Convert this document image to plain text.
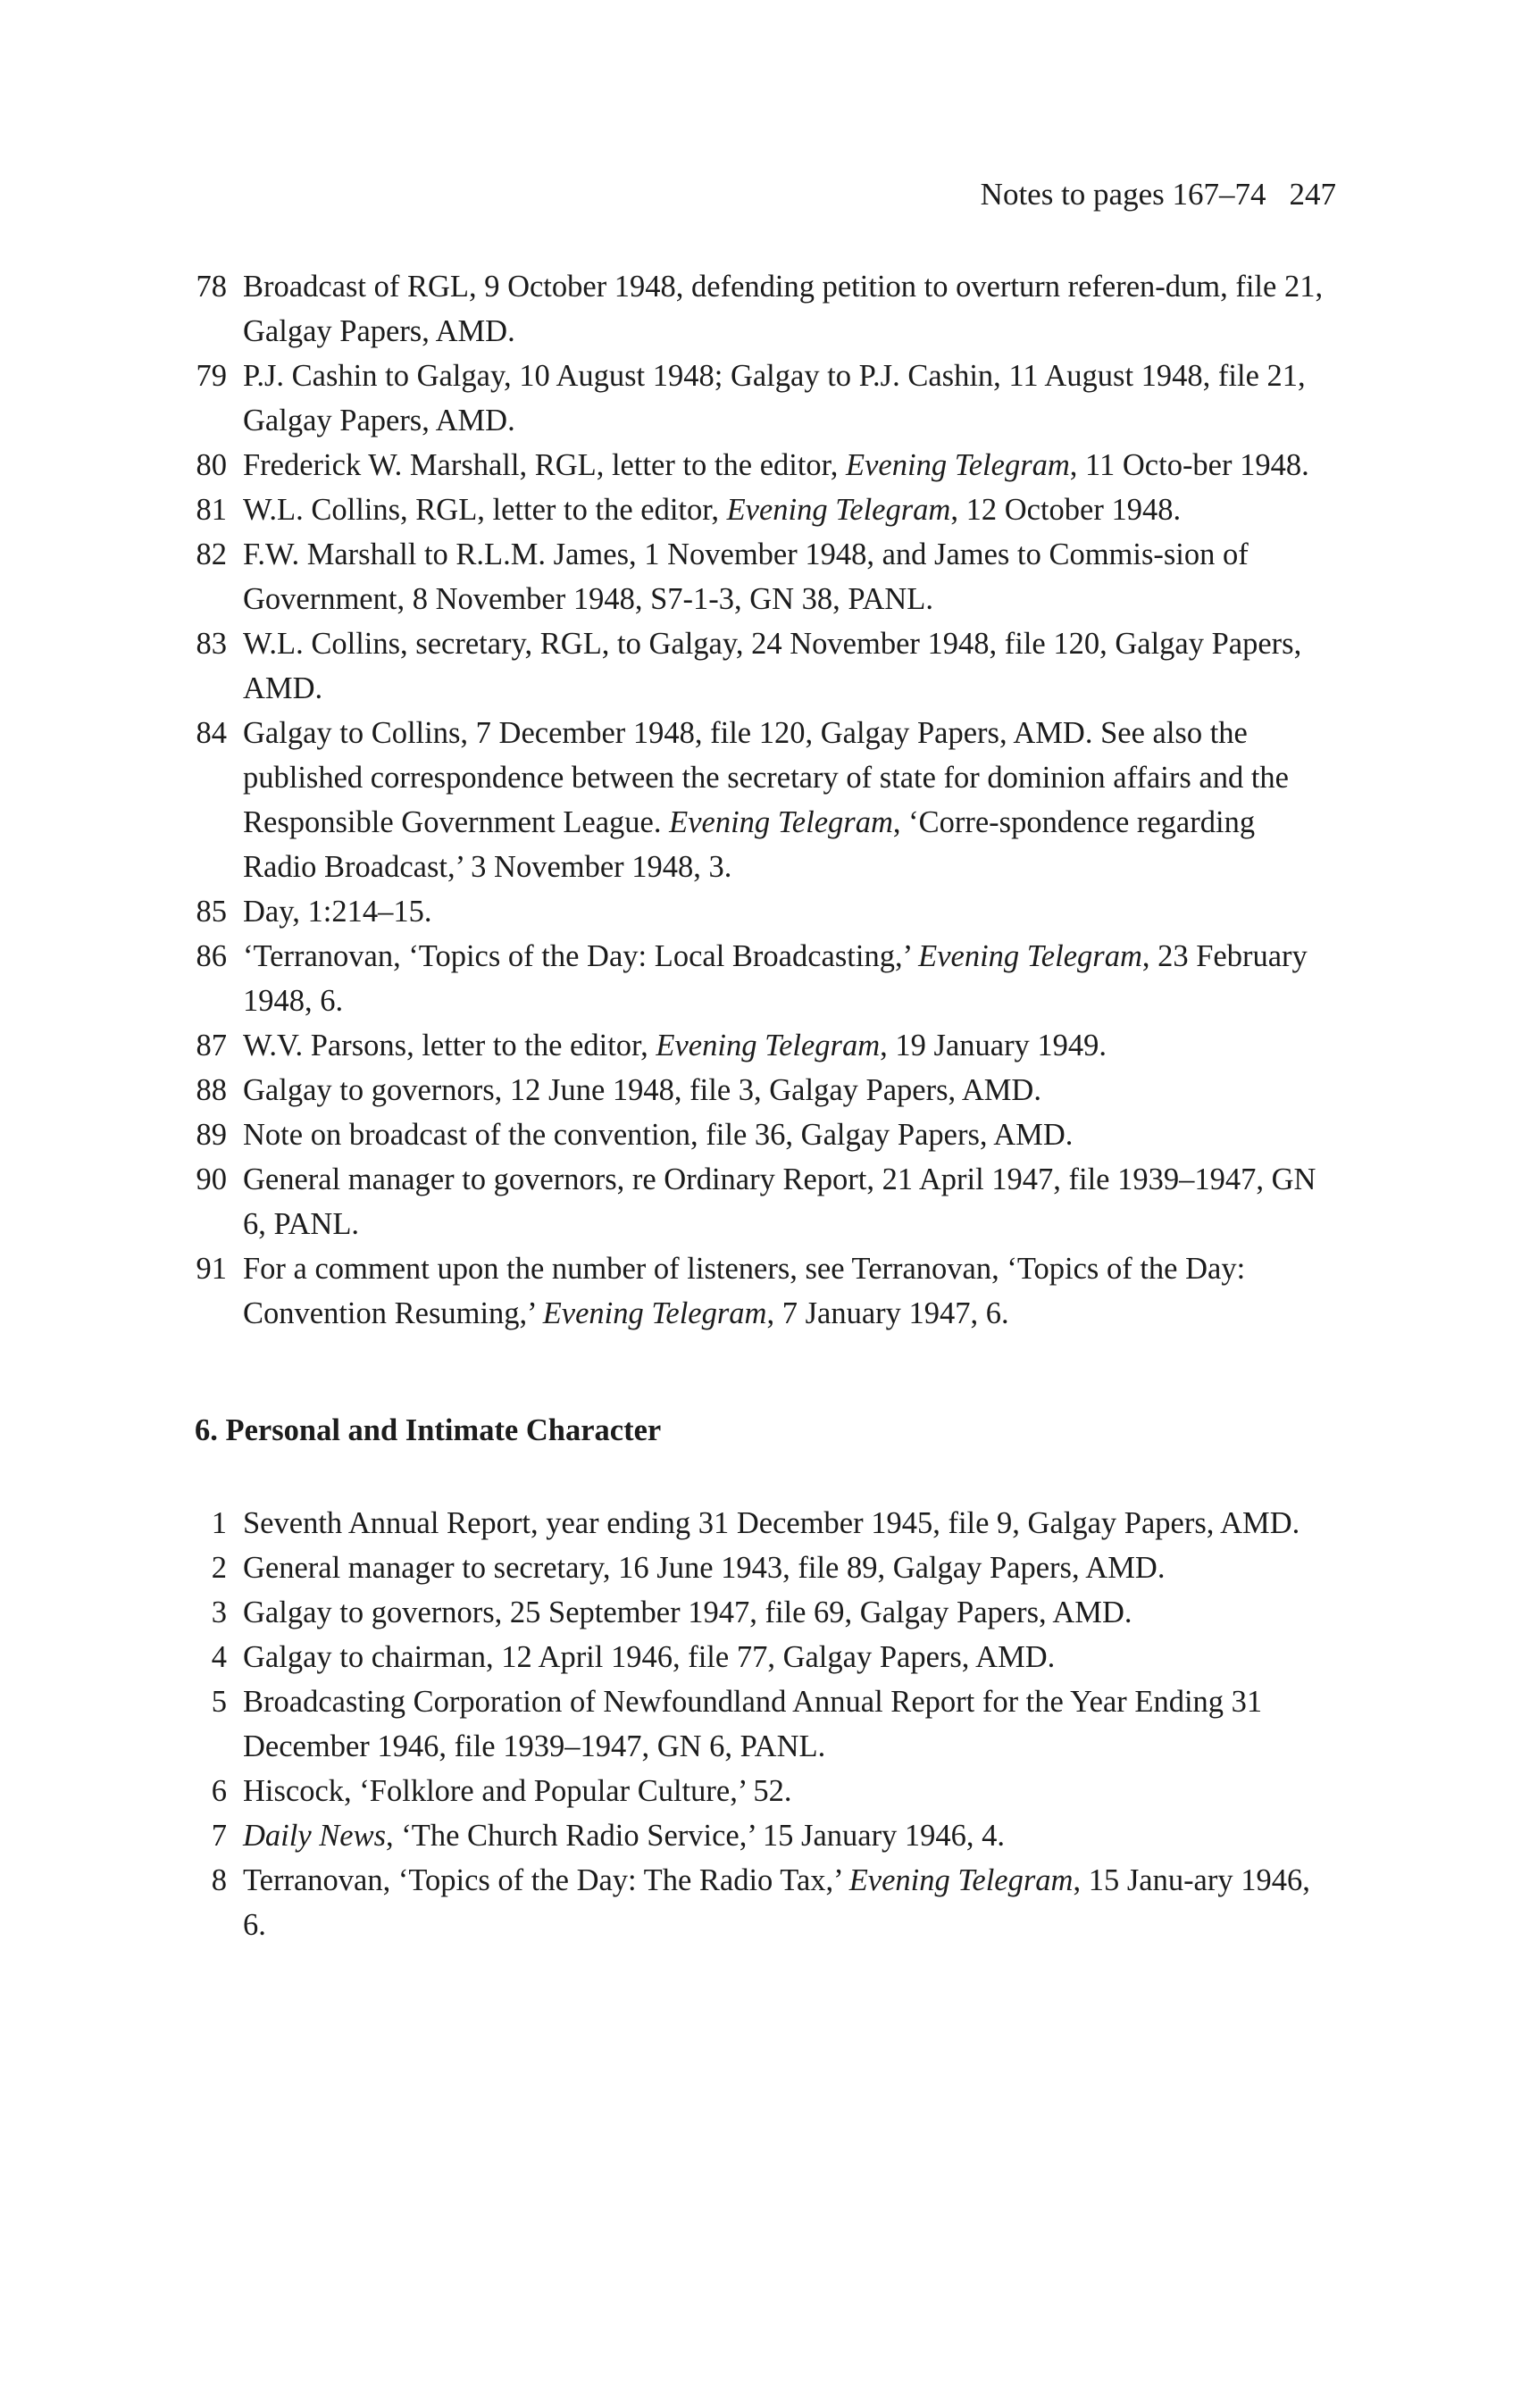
Notes to pages 167–74 247
78 Broadcast of RGL, 9 October 1948, defending petition to overturn referen-dum, file 21, Galgay Papers, AMD.
79 P.J. Cashin to Galgay, 10 August 1948; Galgay to P.J. Cashin, 11 August 1948, file 21, Galgay Papers, AMD.
80 Frederick W. Marshall, RGL, letter to the editor, Evening Telegram, 11 Octo-ber 1948.
81 W.L. Collins, RGL, letter to the editor, Evening Telegram, 12 October 1948.
82 F.W. Marshall to R.L.M. James, 1 November 1948, and James to Commis-sion of Government, 8 November 1948, S7-1-3, GN 38, PANL.
83 W.L. Collins, secretary, RGL, to Galgay, 24 November 1948, file 120, Galgay Papers, AMD.
84 Galgay to Collins, 7 December 1948, file 120, Galgay Papers, AMD. See also the published correspondence between the secretary of state for dominion affairs and the Responsible Government League. Evening Telegram, ‘Corre-spondence regarding Radio Broadcast,’ 3 November 1948, 3.
85 Day, 1:214–15.
86 ‘Terranovan, ‘Topics of the Day: Local Broadcasting,’ Evening Telegram, 23 February 1948, 6.
87 W.V. Parsons, letter to the editor, Evening Telegram, 19 January 1949.
88 Galgay to governors, 12 June 1948, file 3, Galgay Papers, AMD.
89 Note on broadcast of the convention, file 36, Galgay Papers, AMD.
90 General manager to governors, re Ordinary Report, 21 April 1947, file 1939–1947, GN 6, PANL.
91 For a comment upon the number of listeners, see Terranovan, ‘Topics of the Day: Convention Resuming,’ Evening Telegram, 7 January 1947, 6.
6. Personal and Intimate Character
1 Seventh Annual Report, year ending 31 December 1945, file 9, Galgay Papers, AMD.
2 General manager to secretary, 16 June 1943, file 89, Galgay Papers, AMD.
3 Galgay to governors, 25 September 1947, file 69, Galgay Papers, AMD.
4 Galgay to chairman, 12 April 1946, file 77, Galgay Papers, AMD.
5 Broadcasting Corporation of Newfoundland Annual Report for the Year Ending 31 December 1946, file 1939–1947, GN 6, PANL.
6 Hiscock, ‘Folklore and Popular Culture,’ 52.
7 Daily News, ‘The Church Radio Service,’ 15 January 1946, 4.
8 Terranovan, ‘Topics of the Day: The Radio Tax,’ Evening Telegram, 15 Janu-ary 1946, 6.
